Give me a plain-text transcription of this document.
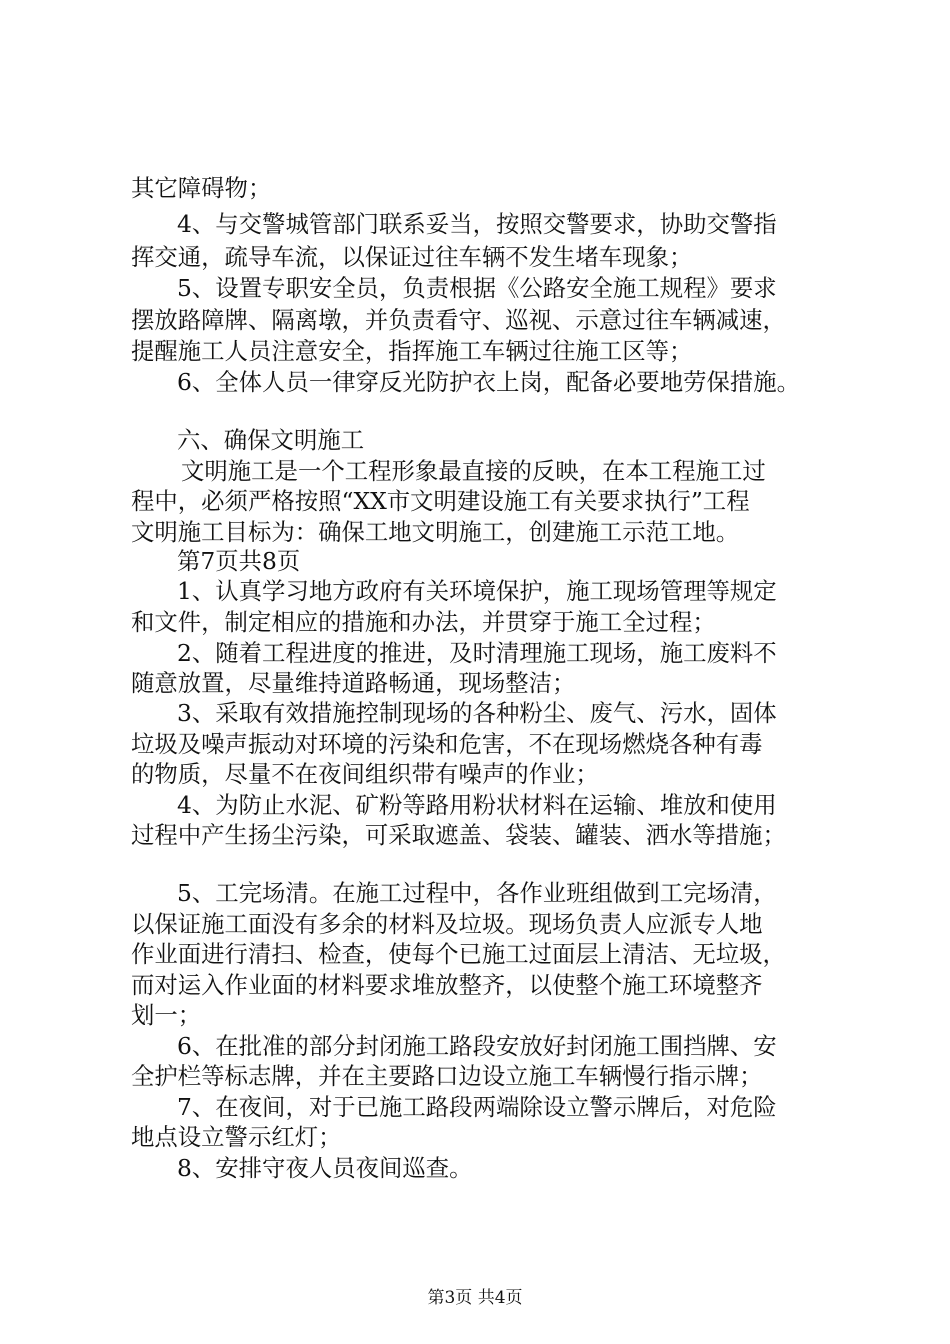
其它障碍物；
4、与交警城管部门联系妥当，按照交警要求，协助交警指
挥交通，疏导车流，以保证过往车辆不发生堵车现象；
5、设置专职安全员，负责根据《公路安全施工规程》要求
摆放路障牌、隔离墩，并负责看守、巡视、示意过往车辆减速，
提醒施工人员注意安全，指挥施工车辆过往施工区等；
6、全体人员一律穿反光防护衣上岗，配备必要地劳保措施。
六、确保文明施工
文明施工是一个工程形象最直接的反映，在本工程施工过
程中，必须严格按照“XX市文明建设施工有关要求执行”工程
文明施工目标为：确保工地文明施工，创建施工示范工地。
第7页共8页
1、认真学习地方政府有关环境保护，施工现场管理等规定
和文件，制定相应的措施和办法，并贯穿于施工全过程；
2、随着工程进度的推进，及时清理施工现场，施工废料不
随意放置，尽量维持道路畅通，现场整洁；
3、采取有效措施控制现场的各种粉尘、废气、污水，固体
垃圾及噪声振动对环境的污染和危害，不在现场燃烧各种有毒
的物质，尽量不在夜间组织带有噪声的作业；
4、为防止水泥、矿粉等路用粉状材料在运输、堆放和使用
过程中产生扬尘污染，可采取遮盖、袋装、罐装、洒水等措施；
5、工完场清。在施工过程中，各作业班组做到工完场清，
以保证施工面没有多余的材料及垃圾。现场负责人应派专人地
作业面进行清扫、检查，使每个已施工过面层上清洁、无垃圾，
而对运入作业面的材料要求堆放整齐，以使整个施工环境整齐
划一；
6、在批准的部分封闭施工路段安放好封闭施工围挡牌、安
全护栏等标志牌，并在主要路口边设立施工车辆慢行指示牌；
7、在夜间，对于已施工路段两端除设立警示牌后，对危险
地点设立警示红灯；
8、安排守夜人员夜间巡查。
第3页 共4页
